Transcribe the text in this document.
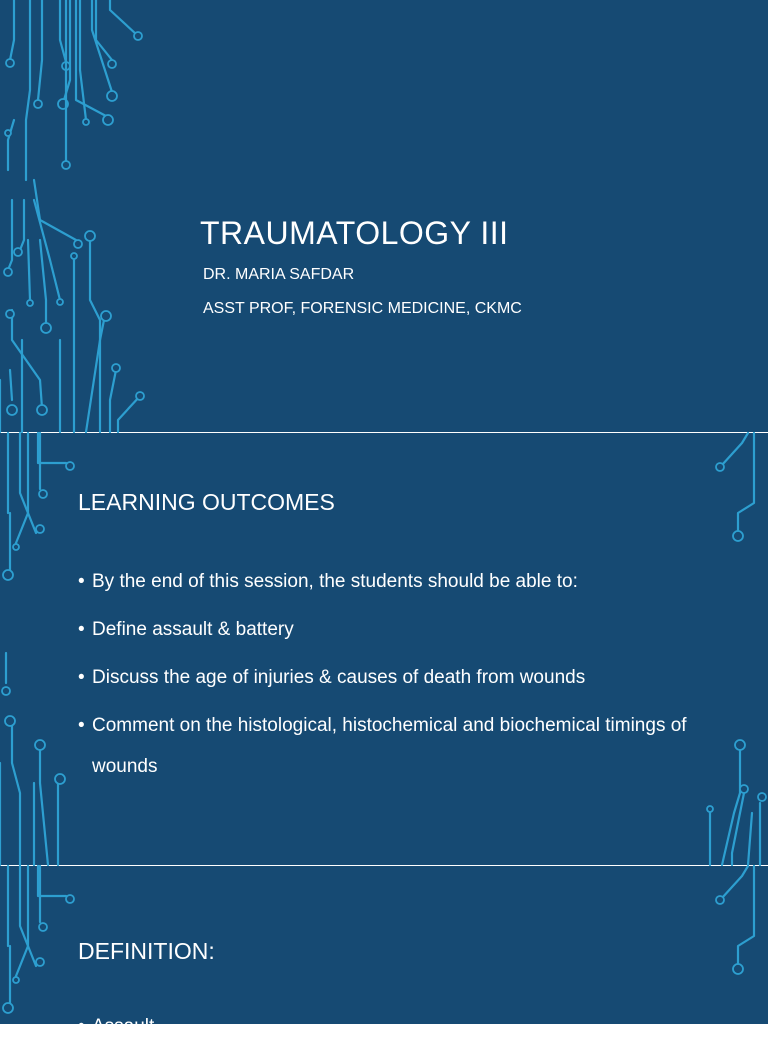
TRAUMATOLOGY III
DR. MARIA SAFDAR
ASST PROF, FORENSIC MEDICINE, CKMC
LEARNING OUTCOMES
• By the end of this session, the students should be able to:
• Define assault & battery
• Discuss the age of injuries & causes of death from wounds
• Comment on the histological, histochemical and biochemical timings of wounds
DEFINITION:
• Assault
